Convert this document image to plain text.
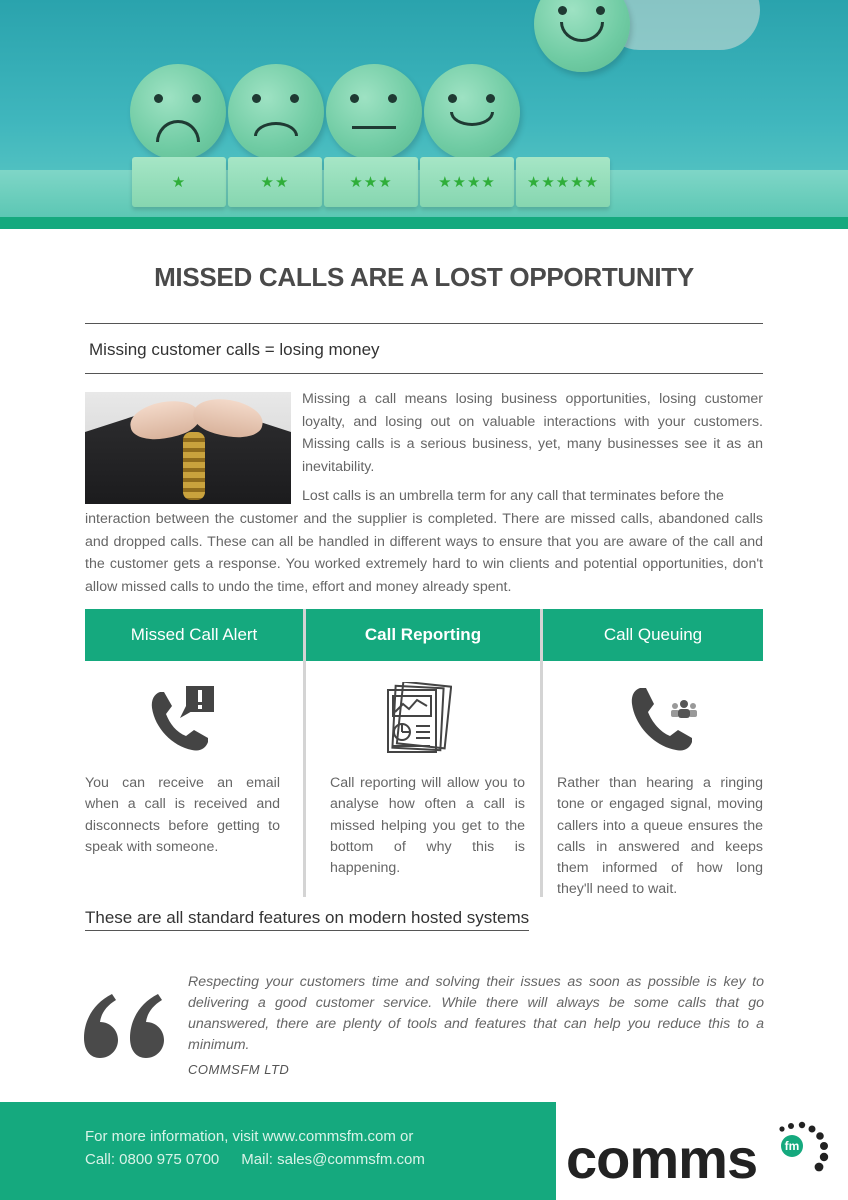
★	★★	★★★	★★★★	★★★★★
MISSED CALLS ARE A LOST OPPORTUNITY
Missing customer calls = losing money

Missing a call means losing business opportunities, losing customer loyalty, and losing out on valuable interactions with your customers. Missing calls is a serious business, yet, many businesses see it as an inevitability.

Lost calls is an umbrella term for any call that terminates before the

interaction between the customer and the supplier is completed. There are missed calls, abandoned calls and dropped calls. These can all be handled in different ways to ensure that you are aware of the call and the customer gets a response. You worked extremely hard to win clients and potential opportunities, don't allow missed calls to undo the time, effort and money already spent.

Missed Call Alert	Call Reporting	Call Queuing

You can receive an email when a call is received and disconnects before getting to speak with someone.

Call reporting will allow you to analyse how often a call is missed helping you get to the bottom of why this is happening.

Rather than hearing a ringing tone or engaged signal, moving callers into a queue ensures the calls in answered and keeps them informed of how long they'll need to wait.

These are all standard features on modern hosted systems

Respecting your customers time and solving their issues as soon as possible is key to delivering a good customer service. While there will always be some calls that go unanswered, there are plenty of tools and features that can help you reduce this to a minimum.

COMMSFM LTD
For more information, visit www.commsfm.com or
Call: 0800 975 0700 Mail: sales@commsfm.com
fm
comms
